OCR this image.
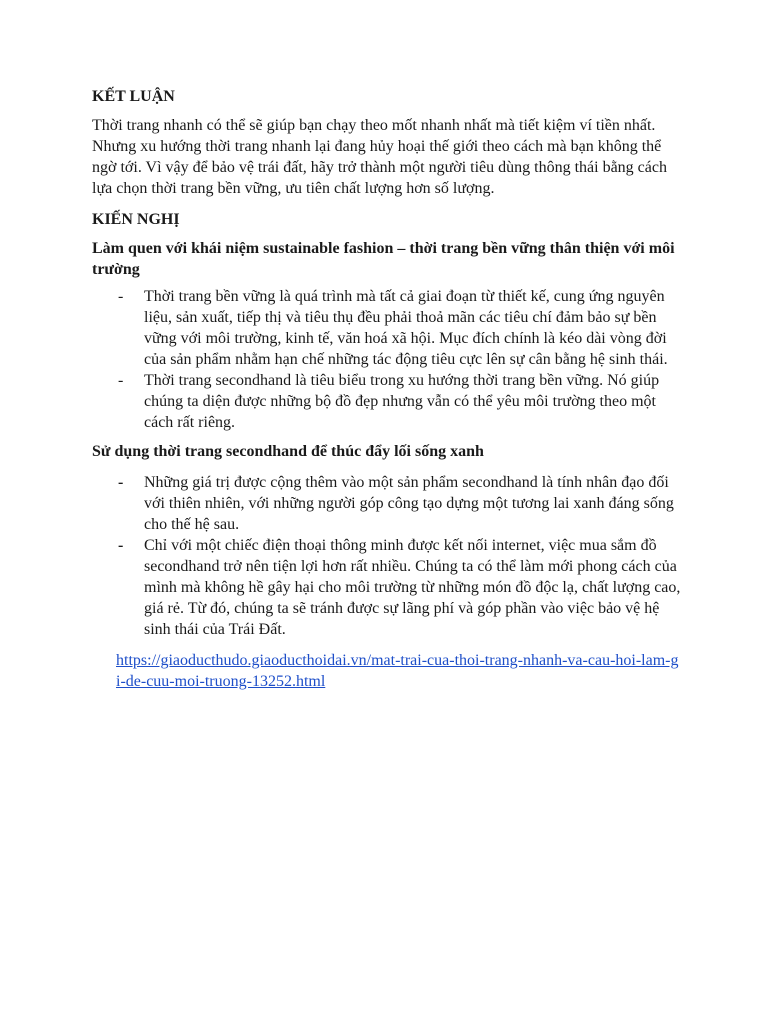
KẾT LUẬN

Thời trang nhanh có thể sẽ giúp bạn chạy theo mốt nhanh nhất mà tiết kiệm ví tiền nhất. Nhưng xu hướng thời trang nhanh lại đang hủy hoại thế giới theo cách mà bạn không thể ngờ tới. Vì vậy để bảo vệ trái đất, hãy trở thành một người tiêu dùng thông thái bằng cách lựa chọn thời trang bền vững, ưu tiên chất lượng hơn số lượng.

KIẾN NGHỊ

Làm quen với khái niệm sustainable fashion – thời trang bền vững thân thiện với môi trường

- Thời trang bền vững là quá trình mà tất cả giai đoạn từ thiết kế, cung ứng nguyên liệu, sản xuất, tiếp thị và tiêu thụ đều phải thoả mãn các tiêu chí đảm bảo sự bền vững với môi trường, kinh tế, văn hoá xã hội. Mục đích chính là kéo dài vòng đời của sản phẩm nhằm hạn chế những tác động tiêu cực lên sự cân bằng hệ sinh thái.
- Thời trang secondhand là tiêu biểu trong xu hướng thời trang bền vững. Nó giúp chúng ta diện được những bộ đồ đẹp nhưng vẫn có thể yêu môi trường theo một cách rất riêng.

Sử dụng thời trang secondhand để thúc đẩy lối sống xanh

- Những giá trị được cộng thêm vào một sản phẩm secondhand là tính nhân đạo đối với thiên nhiên, với những người góp công tạo dựng một tương lai xanh đáng sống cho thế hệ sau.
- Chỉ với một chiếc điện thoại thông minh được kết nối internet, việc mua sắm đồ secondhand trở nên tiện lợi hơn rất nhiều. Chúng ta có thể làm mới phong cách của mình mà không hề gây hại cho môi trường từ những món đồ độc lạ, chất lượng cao, giá rẻ. Từ đó, chúng ta sẽ tránh được sự lãng phí và góp phần vào việc bảo vệ hệ sinh thái của Trái Đất.
https://giaoducthudo.giaoducthoidai.vn/mat-trai-cua-thoi-trang-nhanh-va-cau-hoi-lam-gi-de-cuu-moi-truong-13252.html
